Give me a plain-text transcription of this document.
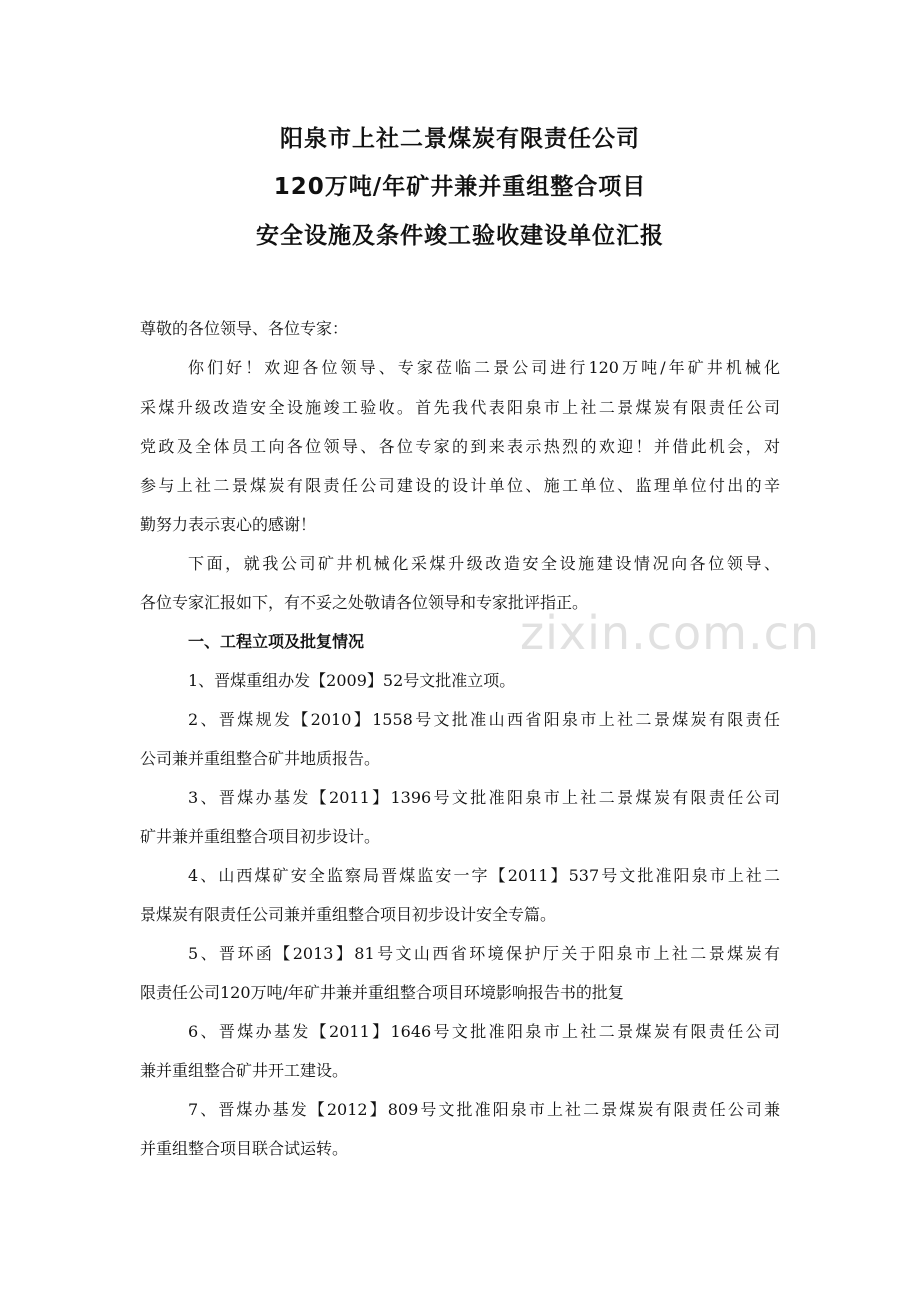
阳泉市上社二景煤炭有限责任公司
120万吨/年矿井兼并重组整合项目
安全设施及条件竣工验收建设单位汇报
尊敬的各位领导、各位专家：
你们好！欢迎各位领导、专家莅临二景公司进行120万吨/年矿井机械化
采煤升级改造安全设施竣工验收。首先我代表阳泉市上社二景煤炭有限责任公司
党政及全体员工向各位领导、各位专家的到来表示热烈的欢迎！并借此机会，对
参与上社二景煤炭有限责任公司建设的设计单位、施工单位、监理单位付出的辛
勤努力表示衷心的感谢！
下面，就我公司矿井机械化采煤升级改造安全设施建设情况向各位领导、
各位专家汇报如下，有不妥之处敬请各位领导和专家批评指正。
一、工程立项及批复情况
1、晋煤重组办发【2009】52号文批准立项。
2、晋煤规发【2010】1558号文批准山西省阳泉市上社二景煤炭有限责任
公司兼并重组整合矿井地质报告。
3、晋煤办基发【2011】1396号文批准阳泉市上社二景煤炭有限责任公司
矿井兼并重组整合项目初步设计。
4、山西煤矿安全监察局晋煤监安一字【2011】537号文批准阳泉市上社二
景煤炭有限责任公司兼并重组整合项目初步设计安全专篇。
5、晋环函【2013】81号文山西省环境保护厅关于阳泉市上社二景煤炭有
限责任公司120万吨/年矿井兼并重组整合项目环境影响报告书的批复
6、晋煤办基发【2011】1646号文批准阳泉市上社二景煤炭有限责任公司
兼并重组整合矿井开工建设。
7、晋煤办基发【2012】809号文批准阳泉市上社二景煤炭有限责任公司兼
并重组整合项目联合试运转。
zixin.com.cn
